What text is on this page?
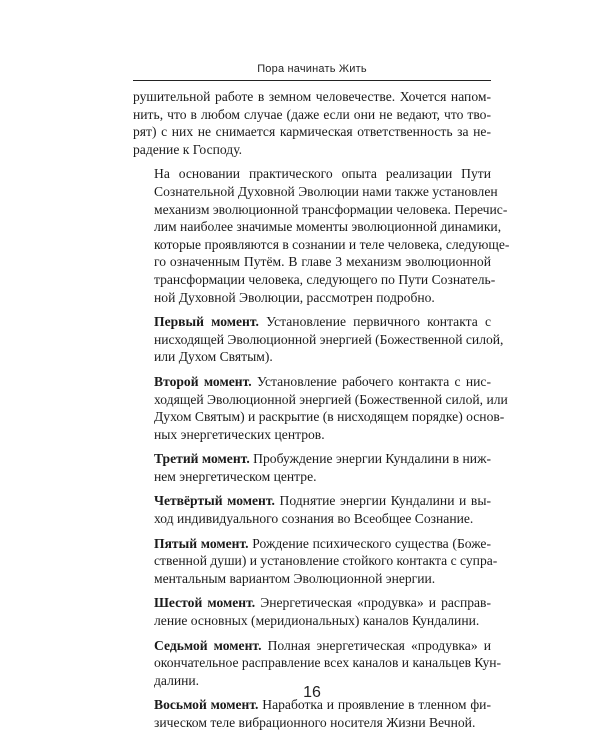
Пора начинать Жить

рушительной работе в земном человечестве. Хочется напом-
нить, что в любом случае (даже если они не ведают, что тво-
рят) с них не снимается кармическая ответственность за не-
радение к Господу.

На основании практического опыта реализации Пути
Сознательной Духовной Эволюции нами также установлен
механизм эволюционной трансформации человека. Перечис-
лим наиболее значимые моменты эволюционной динамики,
которые проявляются в сознании и теле человека, следующе-
го означенным Путём. В главе 3 механизм эволюционной
трансформации человека, следующего по Пути Сознатель-
ной Духовной Эволюции, рассмотрен подробно.

Первый момент. Установление первичного контакта с
нисходящей Эволюционной энергией (Божественной силой,
или Духом Святым).

Второй момент. Установление рабочего контакта с нис-
ходящей Эволюционной энергией (Божественной силой, или
Духом Святым) и раскрытие (в нисходящем порядке) основ-
ных энергетических центров.

Третий момент. Пробуждение энергии Кундалини в ниж-
нем энергетическом центре.

Четвёртый момент. Поднятие энергии Кундалини и вы-
ход индивидуального сознания во Всеобщее Сознание.

Пятый момент. Рождение психического существа (Боже-
ственной души) и установление стойкого контакта с супра-
ментальным вариантом Эволюционной энергии.

Шестой момент. Энергетическая «продувка» и расправ-
ление основных (меридиональных) каналов Кундалини.

Седьмой момент. Полная энергетическая «продувка» и
окончательное расправление всех каналов и канальцев Кун-
далини.

Восьмой момент. Наработка и проявление в тленном фи-
зическом теле вибрационного носителя Жизни Вечной.

16
